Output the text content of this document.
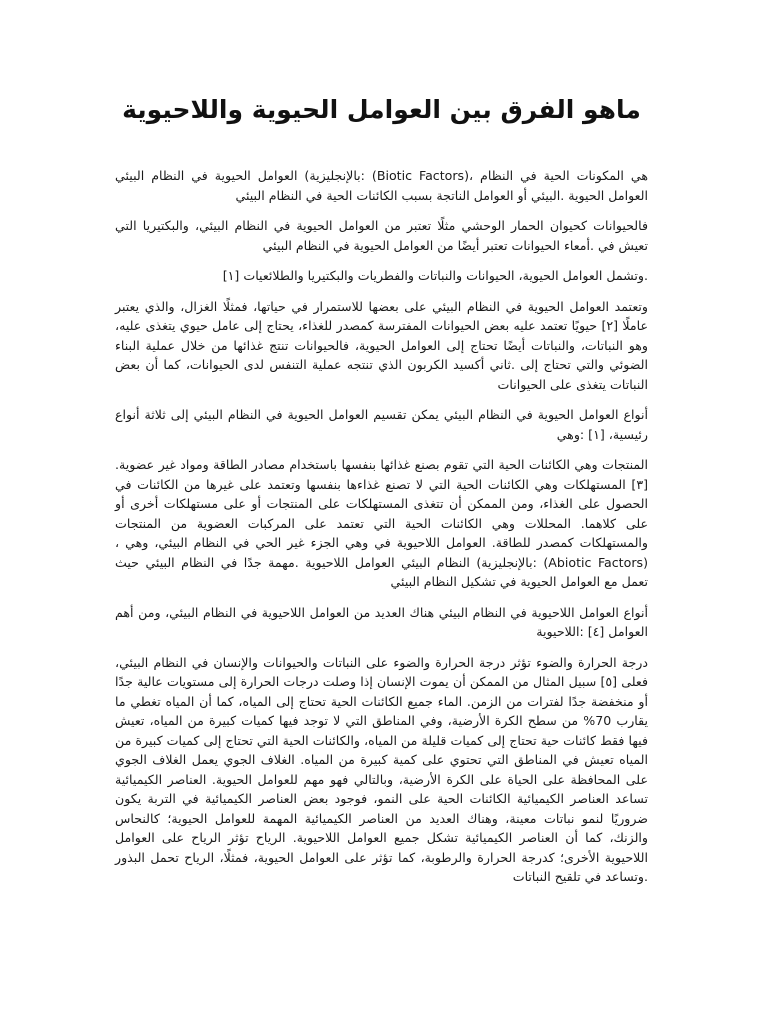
ماهو الفرق بين العوامل الحيوية واللاحيوية

هي المكونات الحية في النظام ،(Biotic Factors) :بالإنجليزية) العوامل الحيوية في النظام البيئي العوامل الحيوية .البيئي أو العوامل الناتجة بسبب الكائنات الحية في النظام البيئي

فالحيوانات كحيوان الحمار الوحشي مثلًا تعتبر من العوامل الحيوية في النظام البيئي، والبكتيريا التي تعيش في .أمعاء الحيوانات تعتبر أيضًا من العوامل الحيوية في النظام البيئي

.وتشمل العوامل الحيوية، الحيوانات والنباتات والفطريات والبكتيريا والطلائعيات [١]

وتعتمد العوامل الحيوية في النظام البيئي على بعضها للاستمرار في حياتها، فمثلًا الغزال، والذي يعتبر عاملًا [٢] حيويًا تعتمد عليه بعض الحيوانات المفترسة كمصدر للغذاء، يحتاج إلى عامل حيوي يتغذى عليه، وهو النباتات، والنباتات أيضًا تحتاج إلى العوامل الحيوية، فالحيوانات تنتج غذائها من خلال عملية البناء الضوئي والتي تحتاج إلى .ثاني أكسيد الكربون الذي تنتجه عملية التنفس لدى الحيوانات، كما أن بعض النباتات يتغذى على الحيوانات

أنواع العوامل الحيوية في النظام البيئي يمكن تقسيم العوامل الحيوية في النظام البيئي إلى ثلاثة أنواع رئيسية، [١] :وهي

المنتجات وهي الكائنات الحية التي تقوم بصنع غذائها بنفسها باستخدام مصادر الطاقة ومواد غير عضوية. [٣] المستهلكات وهي الكائنات الحية التي لا تصنع غذاءها بنفسها وتعتمد على غيرها من الكائنات في الحصول على الغذاء، ومن الممكن أن تتغذى المستهلكات على المنتجات أو على مستهلكات أخرى أو على كلاهما. المحللات وهي الكائنات الحية التي تعتمد على المركبات العضوية من المنتجات والمستهلكات كمصدر للطاقة. العوامل اللاحيوية في وهي الجزء غير الحي في النظام البيئي، وهي ،(Abiotic Factors) :بالإنجليزية) النظام البيئي العوامل اللاحيوية .مهمة جدًا في النظام البيئي حيث تعمل مع العوامل الحيوية في تشكيل النظام البيئي

أنواع العوامل اللاحيوية في النظام البيئي هناك العديد من العوامل اللاحيوية في النظام البيئي، ومن أهم العوامل [٤] :اللاحيوية

درجة الحرارة والضوء تؤثر درجة الحرارة والضوء على النباتات والحيوانات والإنسان في النظام البيئي، فعلى [٥] سبيل المثال من الممكن أن يموت الإنسان إذا وصلت درجات الحرارة إلى مستويات عالية جدًا أو منخفضة جدًا لفترات من الزمن. الماء جميع الكائنات الحية تحتاج إلى المياه، كما أن المياه تغطي ما يقارب 70% من سطح الكرة الأرضية، وفي المناطق التي لا توجد فيها كميات كبيرة من المياه، تعيش فيها فقط كائنات حية تحتاج إلى كميات قليلة من المياه، والكائنات الحية التي تحتاج إلى كميات كبيرة من المياه تعيش في المناطق التي تحتوي على كمية كبيرة من المياه. الغلاف الجوي يعمل الغلاف الجوي على المحافظة على الحياة على الكرة الأرضية، وبالتالي فهو مهم للعوامل الحيوية. العناصر الكيميائية تساعد العناصر الكيميائية الكائنات الحية على النمو، فوجود بعض العناصر الكيميائية في التربة يكون ضروريًا لنمو نباتات معينة، وهناك العديد من العناصر الكيميائية المهمة للعوامل الحيوية؛ كالنحاس والزنك، كما أن العناصر الكيميائية تشكل جميع العوامل اللاحيوية. الرياح تؤثر الرياح على العوامل اللاحيوية الأخرى؛ كدرجة الحرارة والرطوبة، كما تؤثر على العوامل الحيوية، فمثلًا، الرياح تحمل البذور .وتساعد في تلقيح النباتات
